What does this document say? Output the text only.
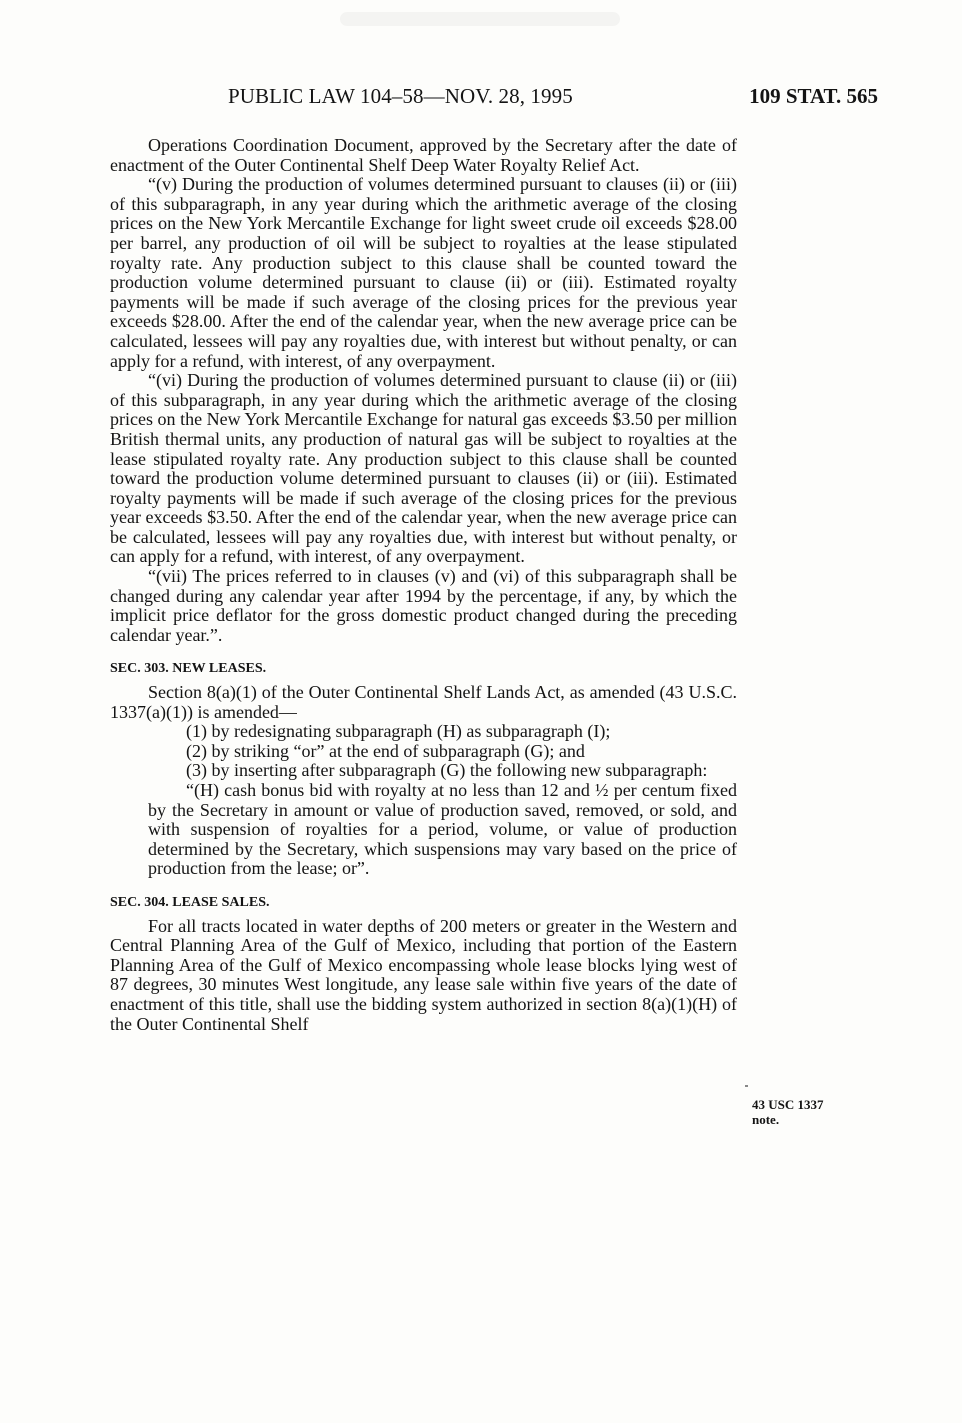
PUBLIC LAW 104–58—NOV. 28, 1995	109 STAT. 565

Operations Coordination Document, approved by the Secretary after the date of enactment of the Outer Continental Shelf Deep Water Royalty Relief Act.

“(v) During the production of volumes determined pursuant to clauses (ii) or (iii) of this subparagraph, in any year during which the arithmetic average of the closing prices on the New York Mercantile Exchange for light sweet crude oil exceeds $28.00 per barrel, any production of oil will be subject to royalties at the lease stipulated royalty rate. Any production subject to this clause shall be counted toward the production volume determined pursuant to clause (ii) or (iii). Estimated royalty payments will be made if such average of the closing prices for the previous year exceeds $28.00. After the end of the calendar year, when the new average price can be calculated, lessees will pay any royalties due, with interest but without penalty, or can apply for a refund, with interest, of any overpayment.

“(vi) During the production of volumes determined pursuant to clause (ii) or (iii) of this subparagraph, in any year during which the arithmetic average of the closing prices on the New York Mercantile Exchange for natural gas exceeds $3.50 per million British thermal units, any production of natural gas will be subject to royalties at the lease stipulated royalty rate. Any production subject to this clause shall be counted toward the production volume determined pursuant to clauses (ii) or (iii). Estimated royalty payments will be made if such average of the closing prices for the previous year exceeds $3.50. After the end of the calendar year, when the new average price can be calculated, lessees will pay any royalties due, with interest but without penalty, or can apply for a refund, with interest, of any overpayment.

“(vii) The prices referred to in clauses (v) and (vi) of this subparagraph shall be changed during any calendar year after 1994 by the percentage, if any, by which the implicit price deflator for the gross domestic product changed during the preceding calendar year.”.

SEC. 303. NEW LEASES.

Section 8(a)(1) of the Outer Continental Shelf Lands Act, as amended (43 U.S.C. 1337(a)(1)) is amended—

(1) by redesignating subparagraph (H) as subparagraph (I);

(2) by striking “or” at the end of subparagraph (G); and

(3) by inserting after subparagraph (G) the following new subparagraph:

“(H) cash bonus bid with royalty at no less than 12 and ½ per centum fixed by the Secretary in amount or value of production saved, removed, or sold, and with suspension of royalties for a period, volume, or value of production determined by the Secretary, which suspensions may vary based on the price of production from the lease; or”.

SEC. 304. LEASE SALES.

For all tracts located in water depths of 200 meters or greater in the Western and Central Planning Area of the Gulf of Mexico, including that portion of the Eastern Planning Area of the Gulf of Mexico encompassing whole lease blocks lying west of 87 degrees, 30 minutes West longitude, any lease sale within five years of the date of enactment of this title, shall use the bidding system authorized in section 8(a)(1)(H) of the Outer Continental Shelf

43 USC 1337
note.
